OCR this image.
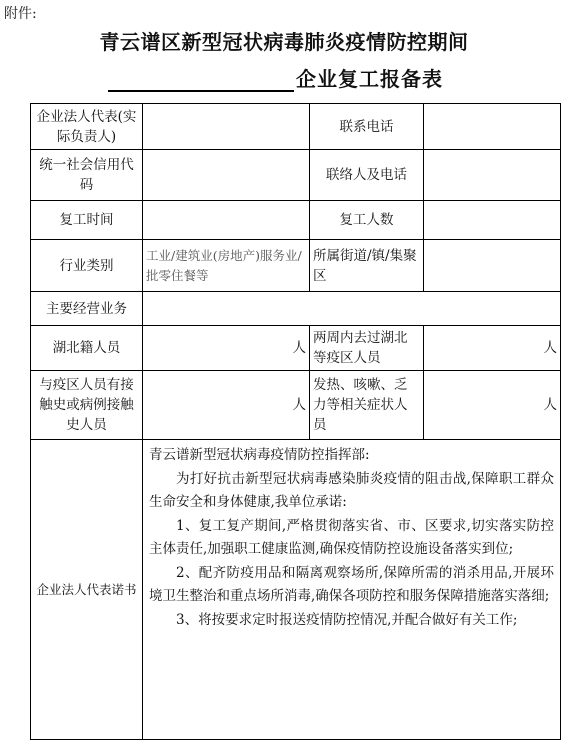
附件:
青云谱区新型冠状病毒肺炎疫情防控期间
企业复工报备表
企业法人代表(实际负责人)		联系电话	
统一社会信用代码		联络人及电话	
复工时间		复工人数	
行业类别	工业/建筑业(房地产)服务业/批零住餐等	所属街道/镇/集聚区	
主要经营业务			
湖北籍人员	人	两周内去过湖北等疫区人员	人
与疫区人员有接触史或病例接触史人员	人	发热、咳嗽、乏力等相关症状人员	人
企业法人代表诺书	青云谱新型冠状病毒疫情防控指挥部:

为打好抗击新型冠状病毒感染肺炎疫情的阻击战,保障职工群众生命安全和身体健康,我单位承诺:

1、复工复产期间,严格贯彻落实省、市、区要求,切实落实防控主体责任,加强职工健康监测,确保疫情防控设施设备落实到位;

2、配齐防疫用品和隔离观察场所,保障所需的消杀用品,开展环境卫生整治和重点场所消毒,确保各项防控和服务保障措施落实落细;

3、将按要求定时报送疫情防控情况,并配合做好有关工作;		
